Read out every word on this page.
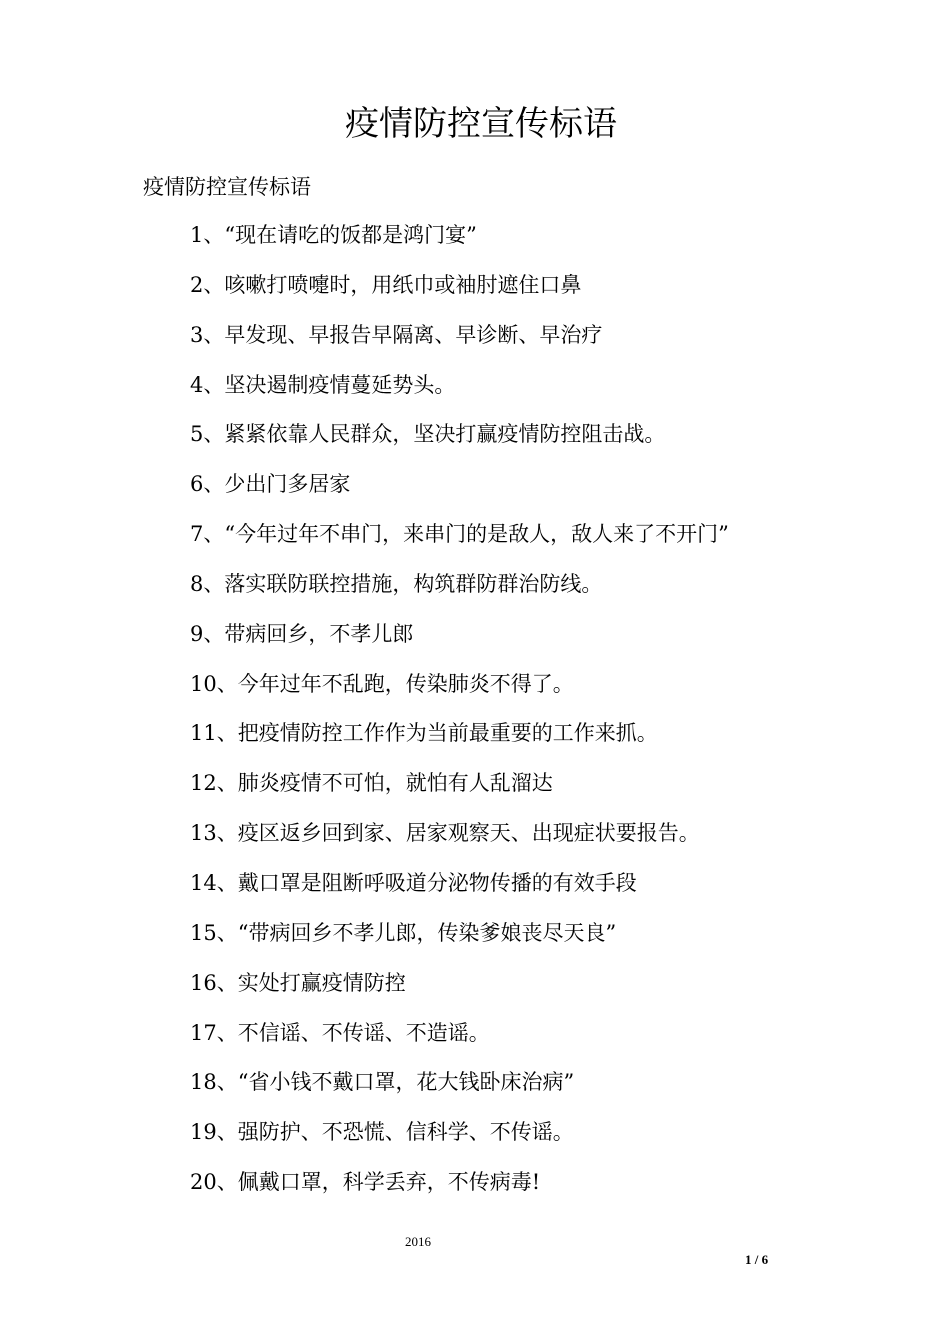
疫情防控宣传标语

疫情防控宣传标语

1、“现在请吃的饭都是鸿门宴”
2、咳嗽打喷嚏时，用纸巾或袖肘遮住口鼻
3、早发现、早报告早隔离、早诊断、早治疗
4、坚决遏制疫情蔓延势头。
5、紧紧依靠人民群众，坚决打赢疫情防控阻击战。
6、少出门多居家
7、“今年过年不串门，来串门的是敌人，敌人来了不开门”
8、落实联防联控措施，构筑群防群治防线。
9、带病回乡，不孝儿郎
10、今年过年不乱跑，传染肺炎不得了。
11、把疫情防控工作作为当前最重要的工作来抓。
12、肺炎疫情不可怕，就怕有人乱溜达
13、疫区返乡回到家、居家观察天、出现症状要报告。
14、戴口罩是阻断呼吸道分泌物传播的有效手段
15、“带病回乡不孝儿郎，传染爹娘丧尽天良”
16、实处打赢疫情防控
17、不信谣、不传谣、不造谣。
18、“省小钱不戴口罩，花大钱卧床治病”
19、强防护、不恐慌、信科学、不传谣。
20、佩戴口罩，科学丢弃，不传病毒!
2016
1 / 6
